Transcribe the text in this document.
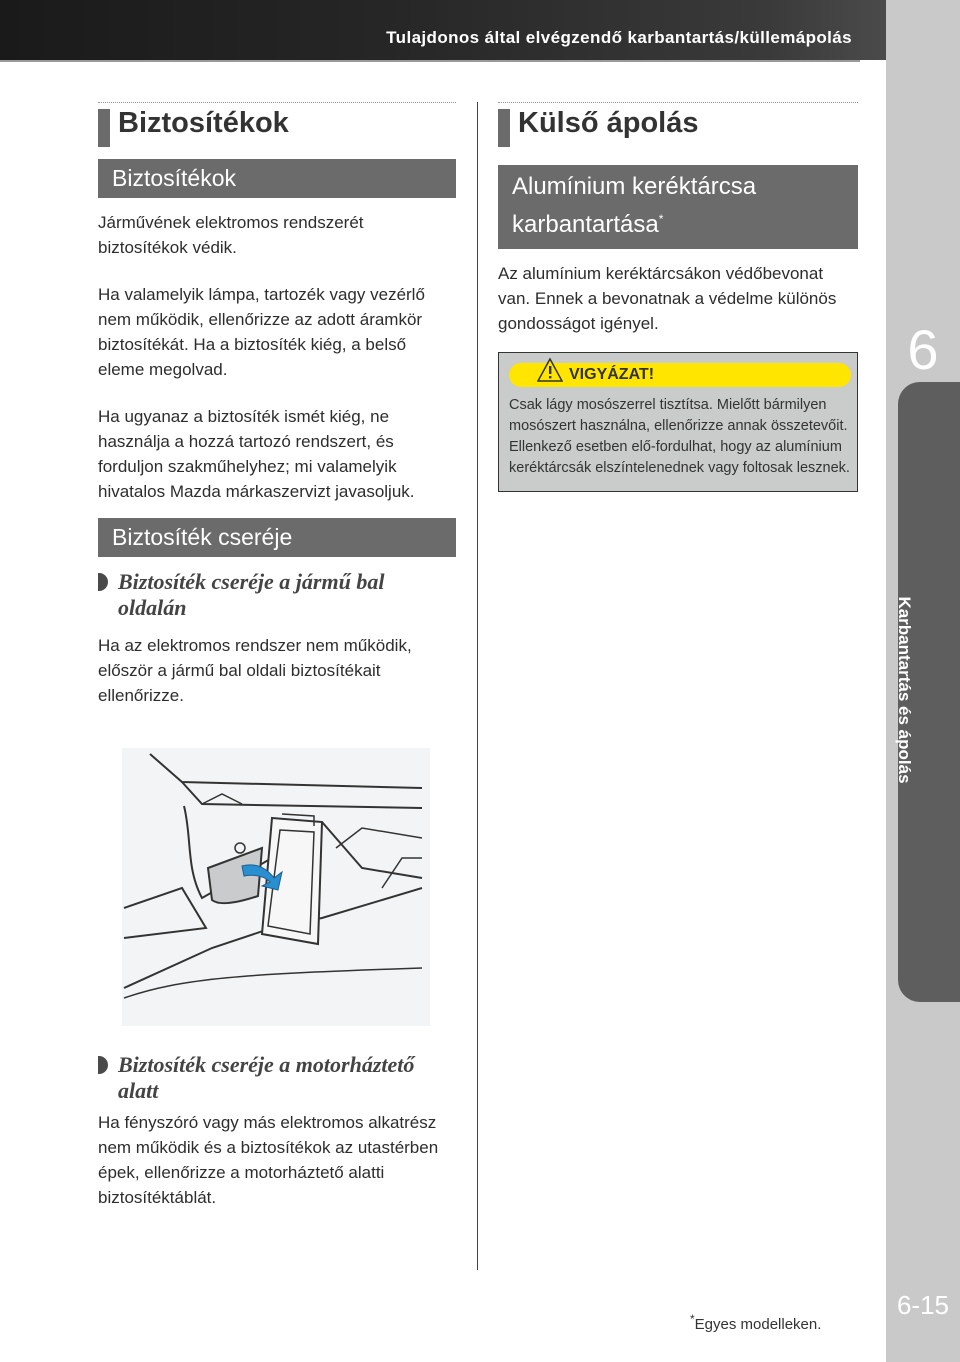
Tulajdonos által elvégzendő karbantartás/küllemápolás
6
Karbantartás és ápolás
6-15
Biztosítékok
Biztosítékok

Járművének elektromos rendszerét biztosítékok védik.

Ha valamelyik lámpa, tartozék vagy vezérlő nem működik, ellenőrizze az adott áramkör biztosítékát. Ha a biztosíték kiég, a belső eleme megolvad.

Ha ugyanaz a biztosíték ismét kiég, ne használja a hozzá tartozó rendszert, és forduljon szakműhelyhez; mi valamelyik hivatalos Mazda márkaszervizt javasoljuk.

Biztosíték cseréje
Biztosíték cseréje a jármű bal oldalán

Ha az elektromos rendszer nem működik, először a jármű bal oldali biztosítékait ellenőrizze.

Biztosíték cseréje a motorháztető alatt

Ha fényszóró vagy más elektromos alkatrész nem működik és a biztosítékok az utastérben épek, ellenőrizze a motorháztető alatti biztosítéktáblát.

Külső ápolás
Alumínium keréktárcsa karbantartása*

Az alumínium keréktárcsákon védőbevonat van. Ennek a bevonatnak a védelme különös gondosságot igényel.

VIGYÁZAT!
Csak lágy mosószerrel tisztítsa. Mielőtt bármilyen mosószert használna, ellenőrizze annak összetevőit. Ellenkező esetben elő-fordulhat, hogy az alumínium keréktárcsák elszíntelenednek vagy foltosak lesznek.
*Egyes modelleken.
